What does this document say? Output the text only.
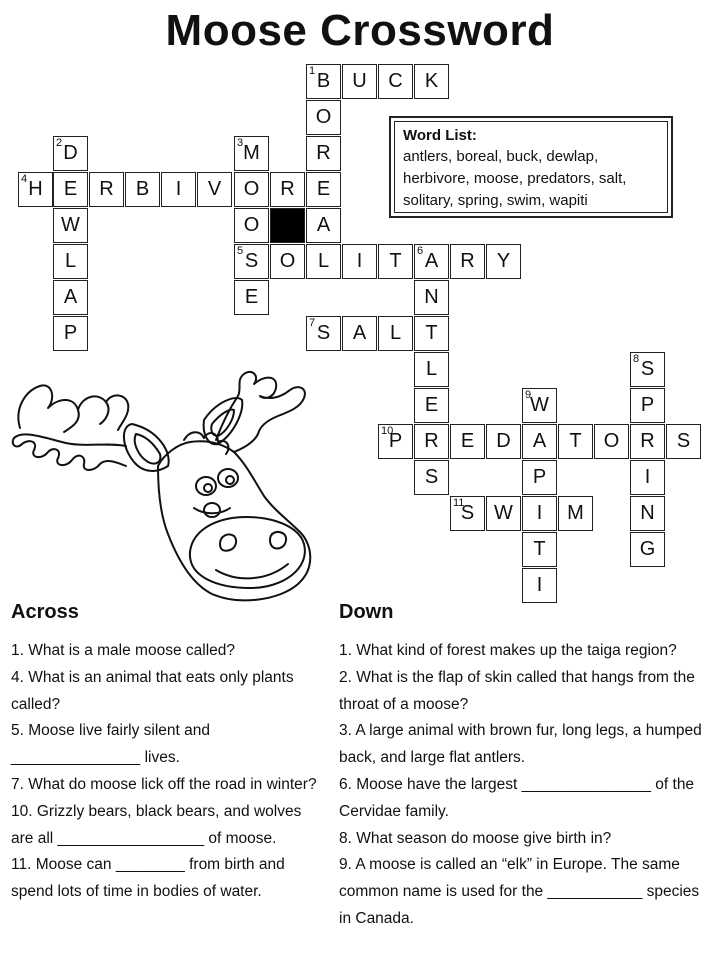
Moose Crossword
1 B	U	C	K
O
R
E
A
L
2 D
E
W
L
A
P
3 M
O
O
S
5
E
4 H	R	B	I	V	R
O	I	T	6 A	R	Y
N
T
L
E
R
S
7 S	A	L
8 S
P
R
I
N
G
9
W
A
P
I
T
I
10
P	E	D	T	O	S
11
S W	M
Word List:
antlers, boreal, buck, dewlap, herbivore, moose, predators, salt, solitary, spring, swim, wapiti
Across
1. What is a male moose called?
4. What is an animal that eats only plants called?
5. Moose live fairly silent and _______________ lives.
7. What do moose lick off the road in winter?
10. Grizzly bears, black bears, and wolves are all _________________ of moose.
11. Moose can ________ from birth and spend lots of time in bodies of water.
Down
1. What kind of forest makes up the taiga region?
2. What is the flap of skin called that hangs from the throat of a moose?
3. A large animal with brown fur, long legs, a humped back, and large flat antlers.
6. Moose have the largest _______________ of the Cervidae family.
8. What season do moose give birth in?
9. A moose is called an “elk” in Europe. The same common name is used for the ___________ species in Canada.
